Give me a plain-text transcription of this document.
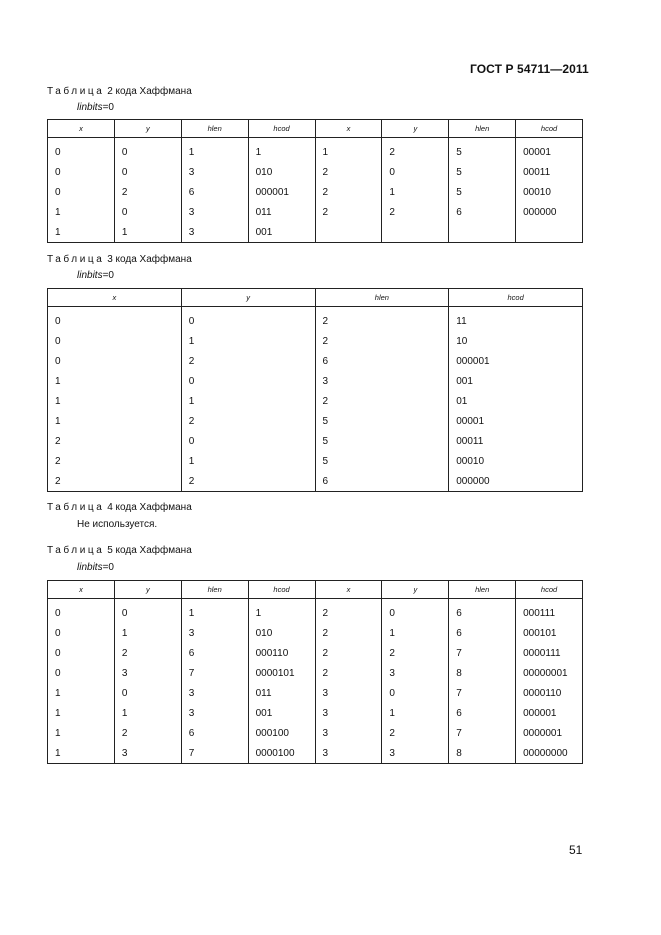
ГОСТ Р 54711—2011
Таблица 2 кода Хаффмана
linbits=0
x	y	hlen	hcod	x	y	hlen	hcod
0	0	1	1	1	2	5	00001
0	0	3	010	2	0	5	00011
0	2	6	000001	2	1	5	00010
1	0	3	011	2	2	6	000000
1	1	3	001				
Таблица 3 кода Хаффмана
linbits=0
x	y	hlen	hcod
0	0	2	11
0	1	2	10
0	2	6	000001
1	0	3	001
1	1	2	01
1	2	5	00001
2	0	5	00011
2	1	5	00010
2	2	6	000000
Таблица 4 кода Хаффмана
Не используется.
Таблица 5 кода Хаффмана
linbits=0
x	y	hlen	hcod	x	y	hlen	hcod
0	0	1	1	2	0	6	000111
0	1	3	010	2	1	6	000101
0	2	6	000110	2	2	7	0000111
0	3	7	0000101	2	3	8	00000001
1	0	3	011	3	0	7	0000110
1	1	3	001	3	1	6	000001
1	2	6	000100	3	2	7	0000001
1	3	7	0000100	3	3	8	00000000
51
